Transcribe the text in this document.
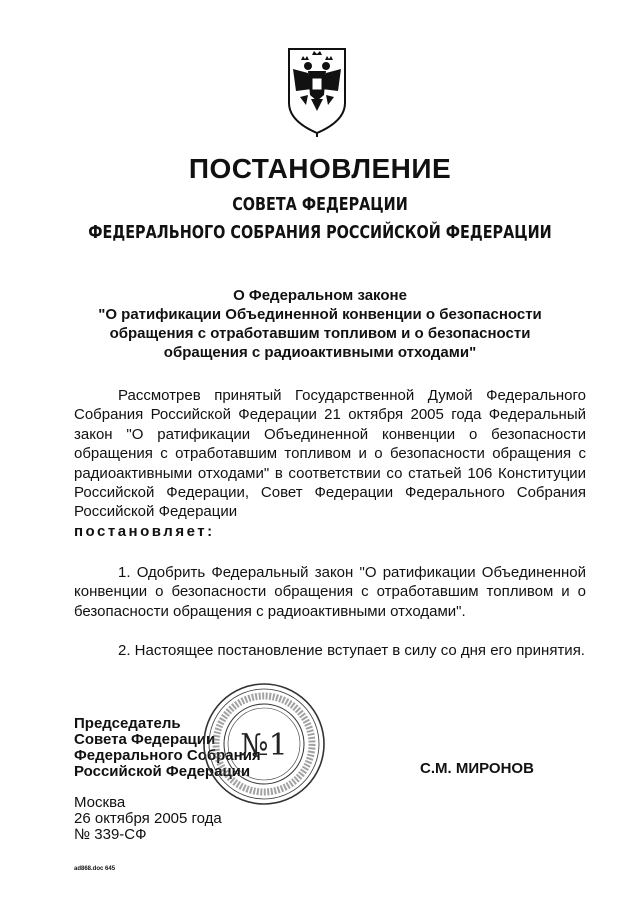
ПОСТАНОВЛЕНИЕ
СОВЕТА ФЕДЕРАЦИИ
ФЕДЕРАЛЬНОГО СОБРАНИЯ РОССИЙСКОЙ ФЕДЕРАЦИИ
О Федеральном законе
"О ратификации Объединенной конвенции о безопасности
обращения с отработавшим топливом и о безопасности
обращения с радиоактивными отходами"
Рассмотрев принятый Государственной Думой Федерального Собрания Российской Федерации 21 октября 2005 года Федеральный закон "О ратификации Объединенной конвенции о безопасности обращения с отработавшим топливом и о безопасности обращения с радиоактивными отходами" в соответствии со статьей 106 Конституции Российской Федерации, Совет Федерации Федерального Собрания Российской Федерации
постановляет:
1. Одобрить Федеральный закон "О ратификации Объединенной конвенции о безопасности обращения с отработавшим топливом и о безопасности обращения с радиоактивными отходами".
2. Настоящее постановление вступает в силу со дня его принятия.
Председатель
Совета Федерации
Федерального Собрания
Российской Федерации
№1
С.М. МИРОНОВ
Москва
26 октября 2005 года
№ 339-СФ
ad868.doc 645
